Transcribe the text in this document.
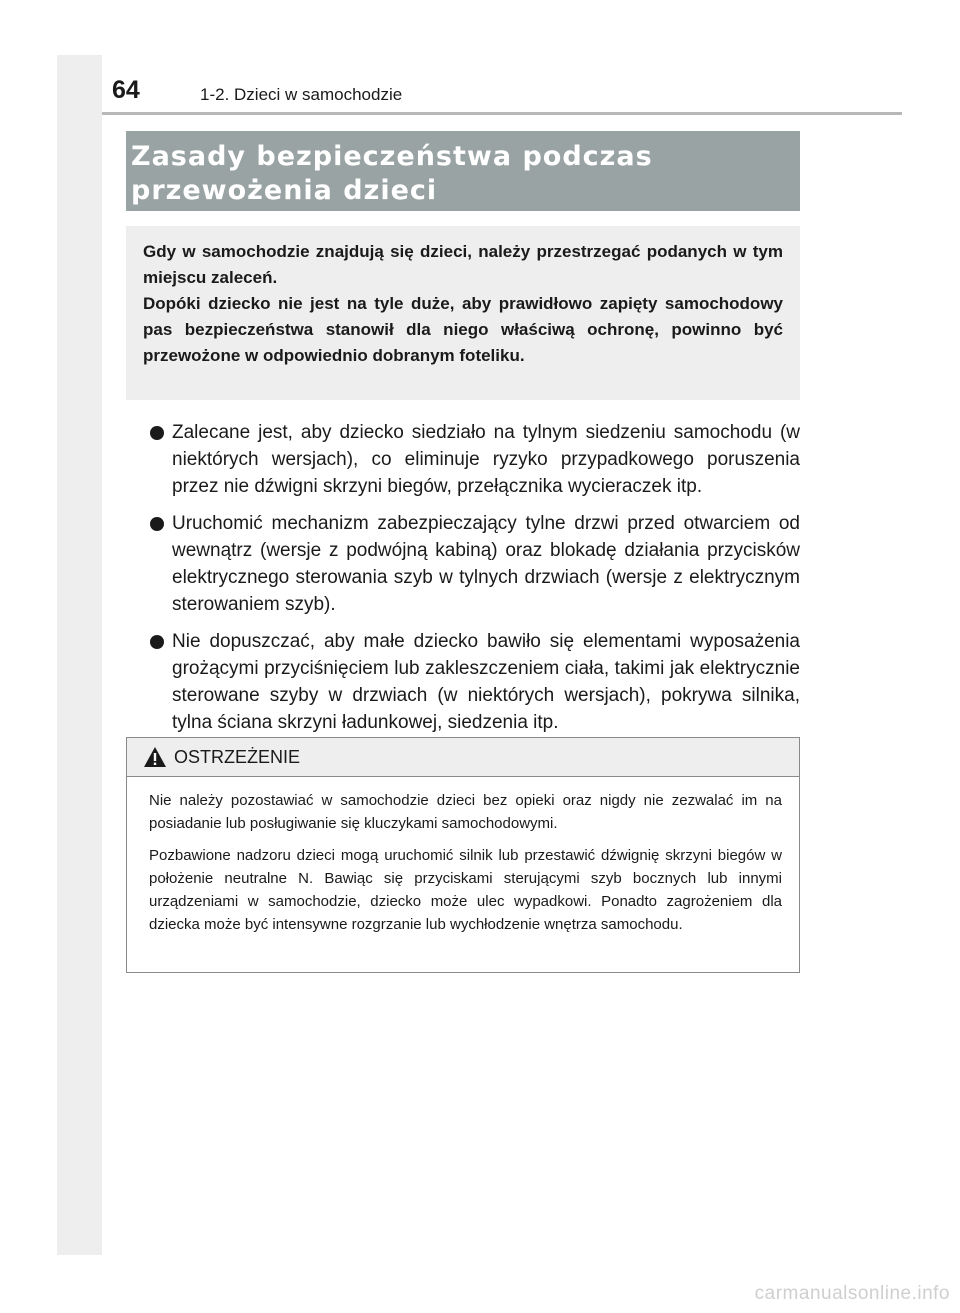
64	1-2. Dzieci w samochodzie
Zasady bezpieczeństwa podczas
przewożenia dzieci

Gdy w samochodzie znajdują się dzieci, należy przestrzegać podanych w tym miejscu zaleceń.

Dopóki dziecko nie jest na tyle duże, aby prawidłowo zapięty samochodowy pas bezpieczeństwa stanowił dla niego właściwą ochronę, powinno być przewożone w odpowiednio dobranym foteliku.

Zalecane jest, aby dziecko siedziało na tylnym siedzeniu samochodu (w niektórych wersjach), co eliminuje ryzyko przypadkowego poruszenia przez nie dźwigni skrzyni biegów, przełącznika wycieraczek itp.
Uruchomić mechanizm zabezpieczający tylne drzwi przed otwarciem od wewnątrz (wersje z podwójną kabiną) oraz blokadę działania przycisków elektrycznego sterowania szyb w tylnych drzwiach (wersje z elektrycznym sterowaniem szyb).
Nie dopuszczać, aby małe dziecko bawiło się elementami wyposażenia grożącymi przyciśnięciem lub zakleszczeniem ciała, takimi jak elektrycznie sterowane szyby w drzwiach (w niektórych wersjach), pokrywa silnika, tylna ściana skrzyni ładunkowej, siedzenia itp.
OSTRZEŻENIE

Nie należy pozostawiać w samochodzie dzieci bez opieki oraz nigdy nie zezwalać im na posiadanie lub posługiwanie się kluczykami samochodowymi.

Pozbawione nadzoru dzieci mogą uruchomić silnik lub przestawić dźwignię skrzyni biegów w położenie neutralne N. Bawiąc się przyciskami sterującymi szyb bocznych lub innymi urządzeniami w samochodzie, dziecko może ulec wypadkowi. Ponadto zagrożeniem dla dziecka może być intensywne rozgrzanie lub wychłodzenie wnętrza samochodu.

carmanualsonline.info
